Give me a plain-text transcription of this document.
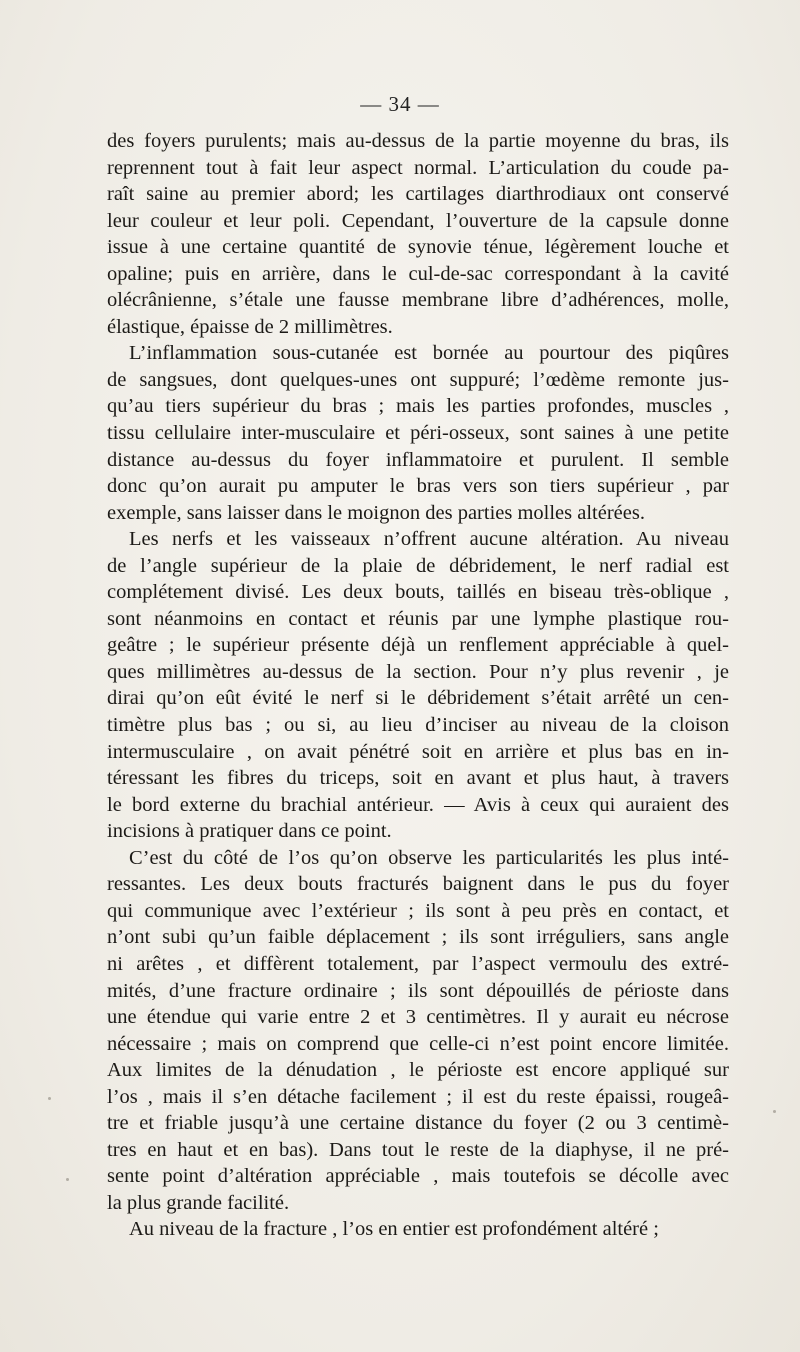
— 34 —
des foyers purulents; mais au-dessus de la partie moyenne du bras, ils
reprennent tout à fait leur aspect normal. L’articulation du coude pa-
raît saine au premier abord; les cartilages diarthrodiaux ont conservé
leur couleur et leur poli. Cependant, l’ouverture de la capsule donne
issue à une certaine quantité de synovie ténue, légèrement louche et
opaline; puis en arrière, dans le cul-de-sac correspondant à la cavité
olécrânienne, s’étale une fausse membrane libre d’adhérences, molle,
élastique, épaisse de 2 millimètres.
L’inflammation sous-cutanée est bornée au pourtour des piqûres
de sangsues, dont quelques-unes ont suppuré; l’œdème remonte jus-
qu’au tiers supérieur du bras ; mais les parties profondes, muscles ,
tissu cellulaire inter-musculaire et péri-osseux, sont saines à une petite
distance au-dessus du foyer inflammatoire et purulent. Il semble
donc qu’on aurait pu amputer le bras vers son tiers supérieur , par
exemple, sans laisser dans le moignon des parties molles altérées.
Les nerfs et les vaisseaux n’offrent aucune altération. Au niveau
de l’angle supérieur de la plaie de débridement, le nerf radial est
complétement divisé. Les deux bouts, taillés en biseau très-oblique ,
sont néanmoins en contact et réunis par une lymphe plastique rou-
geâtre ; le supérieur présente déjà un renflement appréciable à quel-
ques millimètres au-dessus de la section. Pour n’y plus revenir , je
dirai qu’on eût évité le nerf si le débridement s’était arrêté un cen-
timètre plus bas ; ou si, au lieu d’inciser au niveau de la cloison
intermusculaire , on avait pénétré soit en arrière et plus bas en in-
téressant les fibres du triceps, soit en avant et plus haut, à travers
le bord externe du brachial antérieur. — Avis à ceux qui auraient des
incisions à pratiquer dans ce point.
C’est du côté de l’os qu’on observe les particularités les plus inté-
ressantes. Les deux bouts fracturés baignent dans le pus du foyer
qui communique avec l’extérieur ; ils sont à peu près en contact, et
n’ont subi qu’un faible déplacement ; ils sont irréguliers, sans angle
ni arêtes , et diffèrent totalement, par l’aspect vermoulu des extré-
mités, d’une fracture ordinaire ; ils sont dépouillés de périoste dans
une étendue qui varie entre 2 et 3 centimètres. Il y aurait eu nécrose
nécessaire ; mais on comprend que celle-ci n’est point encore limitée.
Aux limites de la dénudation , le périoste est encore appliqué sur
l’os , mais il s’en détache facilement ; il est du reste épaissi, rougeâ-
tre et friable jusqu’à une certaine distance du foyer (2 ou 3 centimè-
tres en haut et en bas). Dans tout le reste de la diaphyse, il ne pré-
sente point d’altération appréciable , mais toutefois se décolle avec
la plus grande facilité.
Au niveau de la fracture , l’os en entier est profondément altéré ;
